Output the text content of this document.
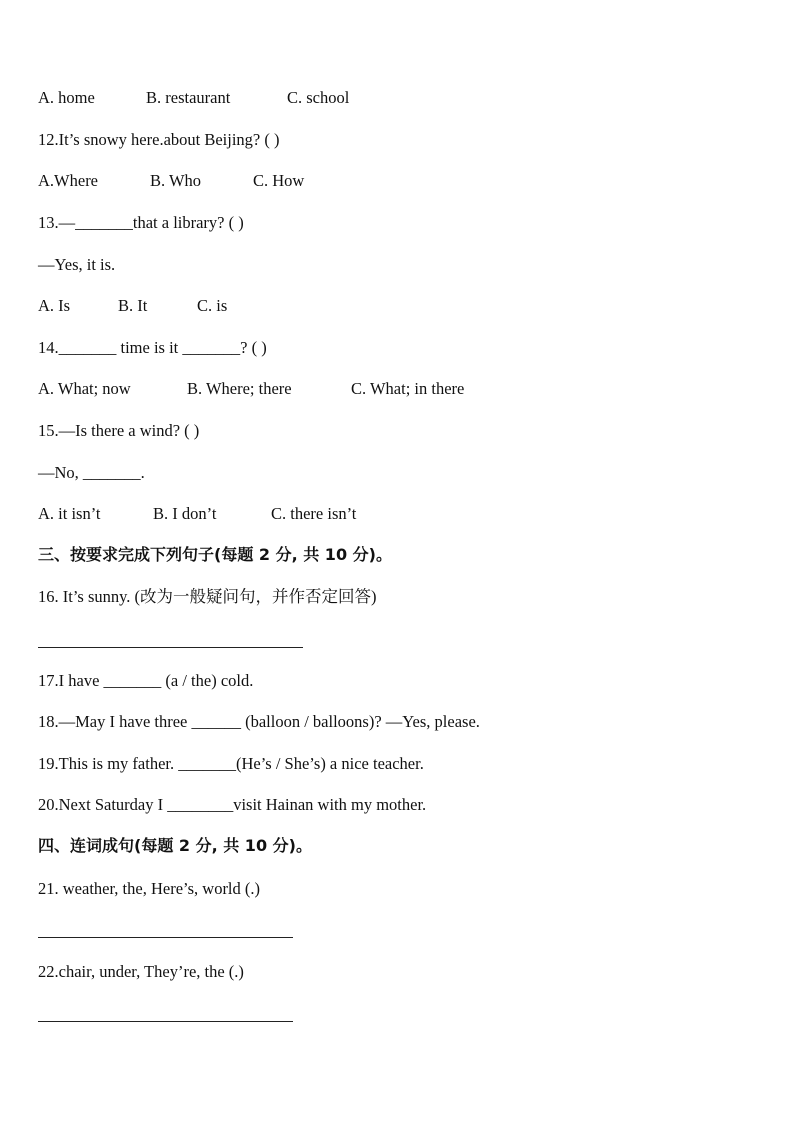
A. home	B. restaurant	C. school
12.It’s snowy here.about Beijing? ( )
A.Where	B. Who	C. How
13.—_______that a library? ( )
—Yes, it is.
A. Is	B. It	C. is
14._______ time is it _______? ( )
A. What; now	B. Where; there	C. What; in there
15.—Is there a wind? ( )
—No, _______.
A. it isn’t	B. I don’t	C. there isn’t
三、按要求完成下列句子(每题 2 分, 共 10 分)。
16. It’s sunny. (改为一般疑问句，并作否定回答)
17.I have _______ (a / the) cold.
18.—May I have three ______ (balloon / balloons)? —Yes, please.
19.This is my father. _______(He’s / She’s) a nice teacher.
20.Next Saturday I ________visit Hainan with my mother.
四、连词成句(每题 2 分, 共 10 分)。
21. weather, the, Here’s, world (.)
22.chair, under, They’re, the (.)
